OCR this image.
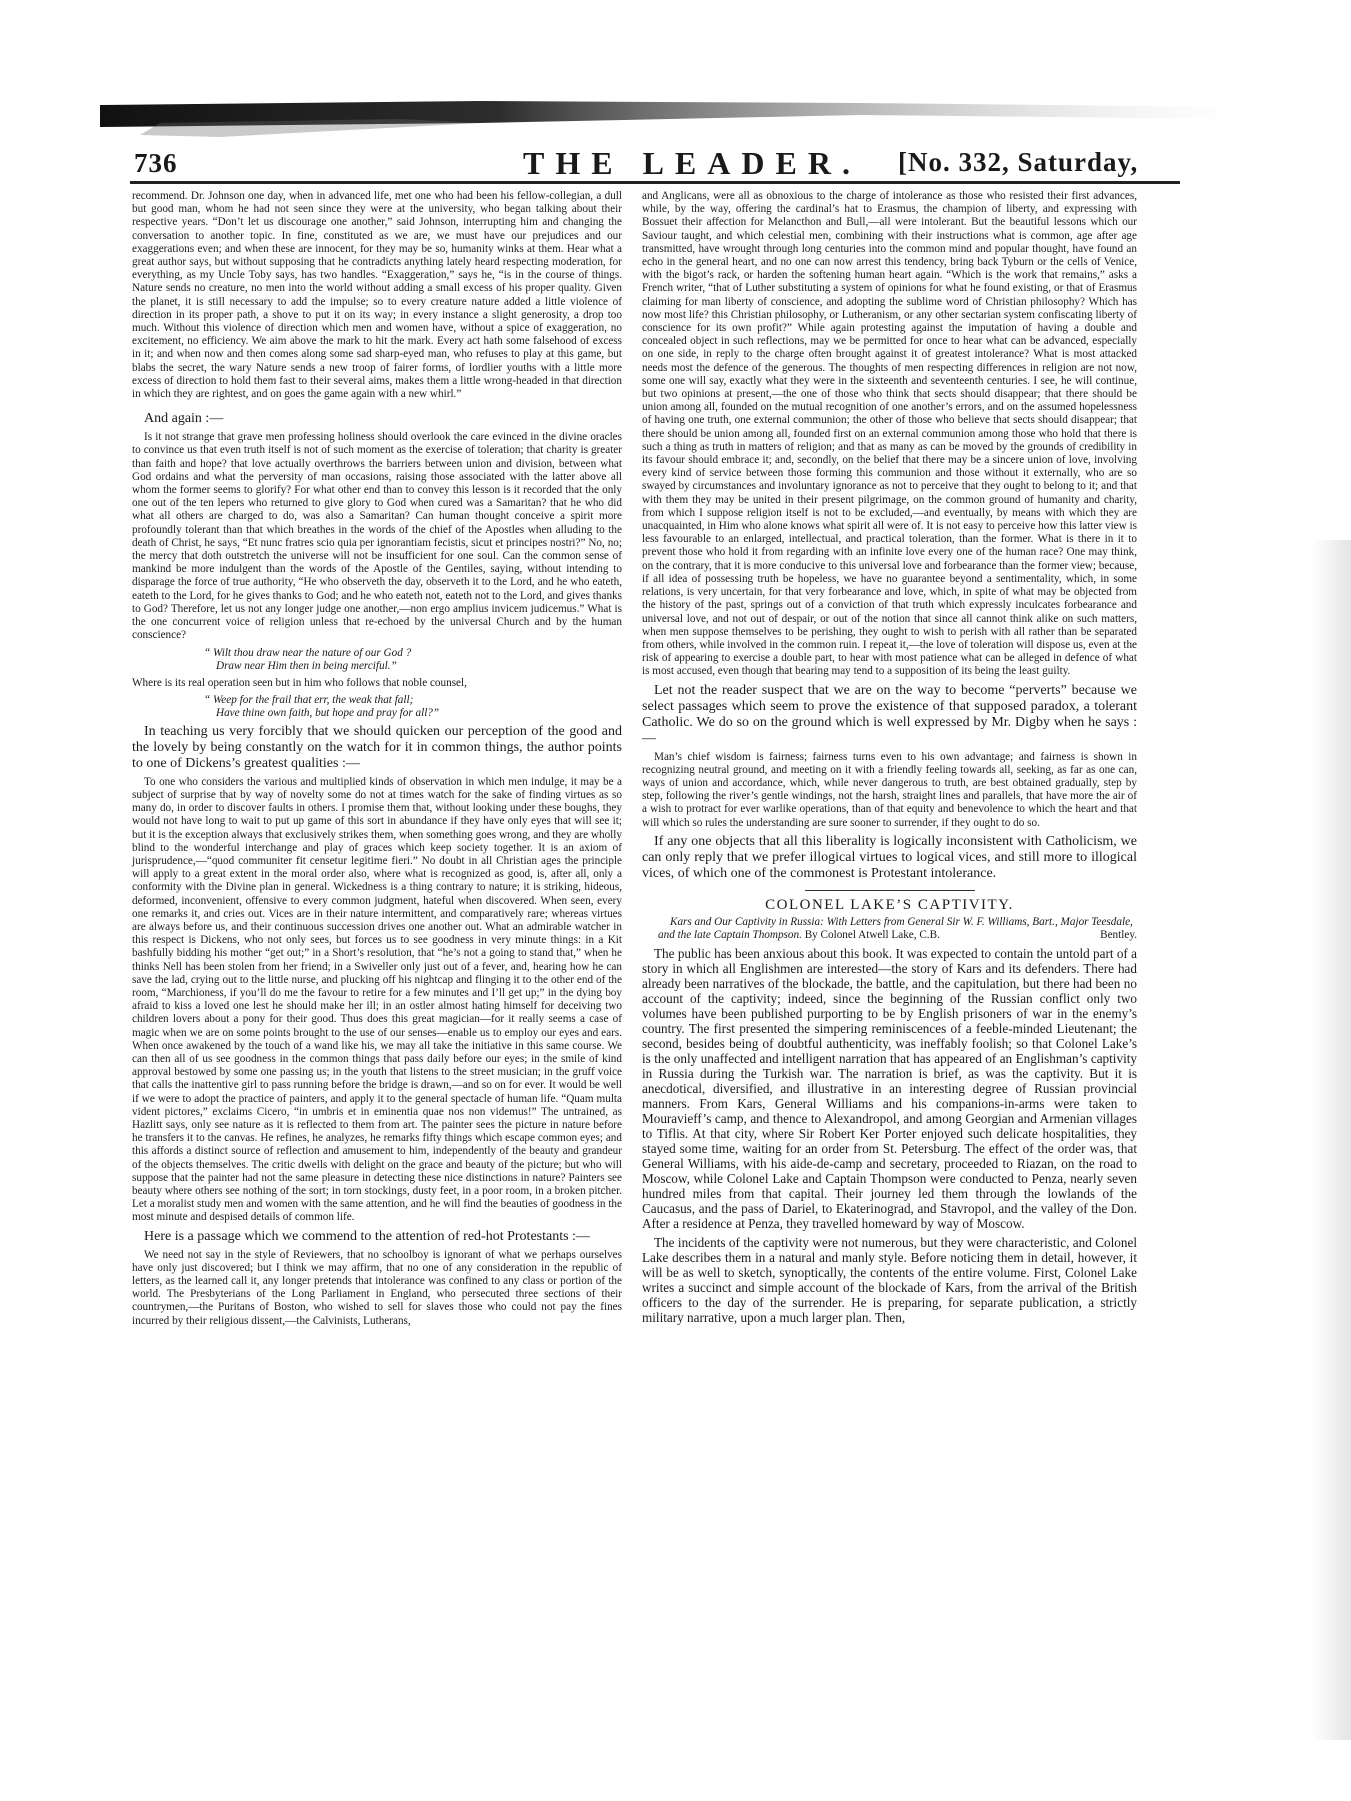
736	THE LEADER. [No. 332, Saturday,

recommend. Dr. Johnson one day, when in advanced life, met one who had been his fellow-collegian, a dull but good man, whom he had not seen since they were at the university, who began talking about their respective years. “Don’t let us discourage one another,” said Johnson, interrupting him and changing the conversation to another topic. In fine, constituted as we are, we must have our prejudices and our exaggerations even; and when these are innocent, for they may be so, humanity winks at them. Hear what a great author says, but without supposing that he contradicts anything lately heard respecting moderation, for everything, as my Uncle Toby says, has two handles. “Exaggeration,” says he, “is in the course of things. Nature sends no creature, no men into the world without adding a small excess of his proper quality. Given the planet, it is still necessary to add the impulse; so to every creature nature added a little violence of direction in its proper path, a shove to put it on its way; in every instance a slight generosity, a drop too much. Without this violence of direction which men and women have, without a spice of exaggeration, no excitement, no efficiency. We aim above the mark to hit the mark. Every act hath some falsehood of excess in it; and when now and then comes along some sad sharp-eyed man, who refuses to play at this game, but blabs the secret, the wary Nature sends a new troop of fairer forms, of lordlier youths with a little more excess of direction to hold them fast to their several aims, makes them a little wrong-headed in that direction in which they are rightest, and on goes the game again with a new whirl.”

And again :—

Is it not strange that grave men professing holiness should overlook the care evinced in the divine oracles to convince us that even truth itself is not of such moment as the exercise of toleration; that charity is greater than faith and hope? that love actually overthrows the barriers between union and division, between what God ordains and what the perversity of man occasions, raising those associated with the latter above all whom the former seems to glorify? For what other end than to convey this lesson is it recorded that the only one out of the ten lepers who returned to give glory to God when cured was a Samaritan? that he who did what all others are charged to do, was also a Samaritan? Can human thought conceive a spirit more profoundly tolerant than that which breathes in the words of the chief of the Apostles when alluding to the death of Christ, he says, “Et nunc fratres scio quia per ignorantiam fecistis, sicut et principes nostri?” No, no; the mercy that doth outstretch the universe will not be insufficient for one soul. Can the common sense of mankind be more indulgent than the words of the Apostle of the Gentiles, saying, without intending to disparage the force of true authority, “He who observeth the day, observeth it to the Lord, and he who eateth, eateth to the Lord, for he gives thanks to God; and he who eateth not, eateth not to the Lord, and gives thanks to God? Therefore, let us not any longer judge one another,—non ergo amplius invicem judicemus.” What is the one concurrent voice of religion unless that re-echoed by the universal Church and by the human conscience?

“ Wilt thou draw near the nature of our God ?
Draw near Him then in being merciful.”

Where is its real operation seen but in him who follows that noble counsel,

“ Weep for the frail that err, the weak that fall;
Have thine own faith, but hope and pray for all?”

In teaching us very forcibly that we should quicken our perception of the good and the lovely by being constantly on the watch for it in common things, the author points to one of Dickens’s greatest qualities :—

To one who considers the various and multiplied kinds of observation in which men indulge, it may be a subject of surprise that by way of novelty some do not at times watch for the sake of finding virtues as so many do, in order to discover faults in others. I promise them that, without looking under these boughs, they would not have long to wait to put up game of this sort in abundance if they have only eyes that will see it; but it is the exception always that exclusively strikes them, when something goes wrong, and they are wholly blind to the wonderful interchange and play of graces which keep society together. It is an axiom of jurisprudence,—“quod communiter fit censetur legitime fieri.” No doubt in all Christian ages the principle will apply to a great extent in the moral order also, where what is recognized as good, is, after all, only a conformity with the Divine plan in general. Wickedness is a thing contrary to nature; it is striking, hideous, deformed, inconvenient, offensive to every common judgment, hateful when discovered. When seen, every one remarks it, and cries out. Vices are in their nature intermittent, and comparatively rare; whereas virtues are always before us, and their continuous succession drives one another out. What an admirable watcher in this respect is Dickens, who not only sees, but forces us to see goodness in very minute things: in a Kit bashfully bidding his mother “get out;” in a Short’s resolution, that “he’s not a going to stand that,” when he thinks Nell has been stolen from her friend; in a Swiveller only just out of a fever, and, hearing how he can save the lad, crying out to the little nurse, and plucking off his nightcap and flinging it to the other end of the room, “Marchioness, if you’ll do me the favour to retire for a few minutes and I’ll get up;” in the dying boy afraid to kiss a loved one lest he should make her ill; in an ostler almost hating himself for deceiving two children lovers about a pony for their good. Thus does this great magician—for it really seems a case of magic when we are on some points brought to the use of our senses—enable us to employ our eyes and ears. When once awakened by the touch of a wand like his, we may all take the initiative in this same course. We can then all of us see goodness in the common things that pass daily before our eyes; in the smile of kind approval bestowed by some one passing us; in the youth that listens to the street musician; in the gruff voice that calls the inattentive girl to pass running before the bridge is drawn,—and so on for ever. It would be well if we were to adopt the practice of painters, and apply it to the general spectacle of human life. “Quam multa vident pictores,” exclaims Cicero, “in umbris et in eminentia quae nos non videmus!” The untrained, as Hazlitt says, only see nature as it is reflected to them from art. The painter sees the picture in nature before he transfers it to the canvas. He refines, he analyzes, he remarks fifty things which escape common eyes; and this affords a distinct source of reflection and amusement to him, independently of the beauty and grandeur of the objects themselves. The critic dwells with delight on the grace and beauty of the picture; but who will suppose that the painter had not the same pleasure in detecting these nice distinctions in nature? Painters see beauty where others see nothing of the sort; in torn stockings, dusty feet, in a poor room, in a broken pitcher. Let a moralist study men and women with the same attention, and he will find the beauties of goodness in the most minute and despised details of common life.

Here is a passage which we commend to the attention of red-hot Protestants :—

We need not say in the style of Reviewers, that no schoolboy is ignorant of what we perhaps ourselves have only just discovered; but I think we may affirm, that no one of any consideration in the republic of letters, as the learned call it, any longer pretends that intolerance was confined to any class or portion of the world. The Presbyterians of the Long Parliament in England, who persecuted three sections of their countrymen,—the Puritans of Boston, who wished to sell for slaves those who could not pay the fines incurred by their religious dissent,—the Calvinists, Lutherans,

and Anglicans, were all as obnoxious to the charge of intolerance as those who resisted their first advances, while, by the way, offering the cardinal’s hat to Erasmus, the champion of liberty, and expressing with Bossuet their affection for Melancthon and Bull,—all were intolerant. But the beautiful lessons which our Saviour taught, and which celestial men, combining with their instructions what is common, age after age transmitted, have wrought through long centuries into the common mind and popular thought, have found an echo in the general heart, and no one can now arrest this tendency, bring back Tyburn or the cells of Venice, with the bigot’s rack, or harden the softening human heart again. “Which is the work that remains,” asks a French writer, “that of Luther substituting a system of opinions for what he found existing, or that of Erasmus claiming for man liberty of conscience, and adopting the sublime word of Christian philosophy? Which has now most life? this Christian philosophy, or Lutheranism, or any other sectarian system confiscating liberty of conscience for its own profit?” While again protesting against the imputation of having a double and concealed object in such reflections, may we be permitted for once to hear what can be advanced, especially on one side, in reply to the charge often brought against it of greatest intolerance? What is most attacked needs most the defence of the generous. The thoughts of men respecting differences in religion are not now, some one will say, exactly what they were in the sixteenth and seventeenth centuries. I see, he will continue, but two opinions at present,—the one of those who think that sects should disappear; that there should be union among all, founded on the mutual recognition of one another’s errors, and on the assumed hopelessness of having one truth, one external communion; the other of those who believe that sects should disappear; that there should be union among all, founded first on an external communion among those who hold that there is such a thing as truth in matters of religion; and that as many as can be moved by the grounds of credibility in its favour should embrace it; and, secondly, on the belief that there may be a sincere union of love, involving every kind of service between those forming this communion and those without it externally, who are so swayed by circumstances and involuntary ignorance as not to perceive that they ought to belong to it; and that with them they may be united in their present pilgrimage, on the common ground of humanity and charity, from which I suppose religion itself is not to be excluded,—and eventually, by means with which they are unacquainted, in Him who alone knows what spirit all were of. It is not easy to perceive how this latter view is less favourable to an enlarged, intellectual, and practical toleration, than the former. What is there in it to prevent those who hold it from regarding with an infinite love every one of the human race? One may think, on the contrary, that it is more conducive to this universal love and forbearance than the former view; because, if all idea of possessing truth be hopeless, we have no guarantee beyond a sentimentality, which, in some relations, is very uncertain, for that very forbearance and love, which, in spite of what may be objected from the history of the past, springs out of a conviction of that truth which expressly inculcates forbearance and universal love, and not out of despair, or out of the notion that since all cannot think alike on such matters, when men suppose themselves to be perishing, they ought to wish to perish with all rather than be separated from others, while involved in the common ruin. I repeat it,—the love of toleration will dispose us, even at the risk of appearing to exercise a double part, to hear with most patience what can be alleged in defence of what is most accused, even though that bearing may tend to a supposition of its being the least guilty.

Let not the reader suspect that we are on the way to become “perverts” because we select passages which seem to prove the existence of that supposed paradox, a tolerant Catholic. We do so on the ground which is well expressed by Mr. Digby when he says :—

Man’s chief wisdom is fairness; fairness turns even to his own advantage; and fairness is shown in recognizing neutral ground, and meeting on it with a friendly feeling towards all, seeking, as far as one can, ways of union and accordance, which, while never dangerous to truth, are best obtained gradually, step by step, following the river’s gentle windings, not the harsh, straight lines and parallels, that have more the air of a wish to protract for ever warlike operations, than of that equity and benevolence to which the heart and that will which so rules the understanding are sure sooner to surrender, if they ought to do so.

If any one objects that all this liberality is logically inconsistent with Catholicism, we can only reply that we prefer illogical virtues to logical vices, and still more to illogical vices, of which one of the commonest is Protestant intolerance.

COLONEL LAKE’S CAPTIVITY.

Kars and Our Captivity in Russia: With Letters from General Sir W. F. Williams, Bart., Major Teesdale, and the late Captain Thompson. By Colonel Atwell Lake, C.B.	Bentley.

The public has been anxious about this book. It was expected to contain the untold part of a story in which all Englishmen are interested—the story of Kars and its defenders. There had already been narratives of the blockade, the battle, and the capitulation, but there had been no account of the captivity; indeed, since the beginning of the Russian conflict only two volumes have been published purporting to be by English prisoners of war in the enemy’s country. The first presented the simpering reminiscences of a feeble-minded Lieutenant; the second, besides being of doubtful authenticity, was ineffably foolish; so that Colonel Lake’s is the only unaffected and intelligent narration that has appeared of an Englishman’s captivity in Russia during the Turkish war. The narration is brief, as was the captivity. But it is anecdotical, diversified, and illustrative in an interesting degree of Russian provincial manners. From Kars, General Williams and his companions-in-arms were taken to Mouravieff’s camp, and thence to Alexandropol, and among Georgian and Armenian villages to Tiflis. At that city, where Sir Robert Ker Porter enjoyed such delicate hospitalities, they stayed some time, waiting for an order from St. Petersburg. The effect of the order was, that General Williams, with his aide-de-camp and secretary, proceeded to Riazan, on the road to Moscow, while Colonel Lake and Captain Thompson were conducted to Penza, nearly seven hundred miles from that capital. Their journey led them through the lowlands of the Caucasus, and the pass of Dariel, to Ekaterinograd, and Stavropol, and the valley of the Don. After a residence at Penza, they travelled homeward by way of Moscow.

The incidents of the captivity were not numerous, but they were characteristic, and Colonel Lake describes them in a natural and manly style. Before noticing them in detail, however, it will be as well to sketch, synoptically, the contents of the entire volume. First, Colonel Lake writes a succinct and simple account of the blockade of Kars, from the arrival of the British officers to the day of the surrender. He is preparing, for separate publication, a strictly military narrative, upon a much larger plan. Then,
